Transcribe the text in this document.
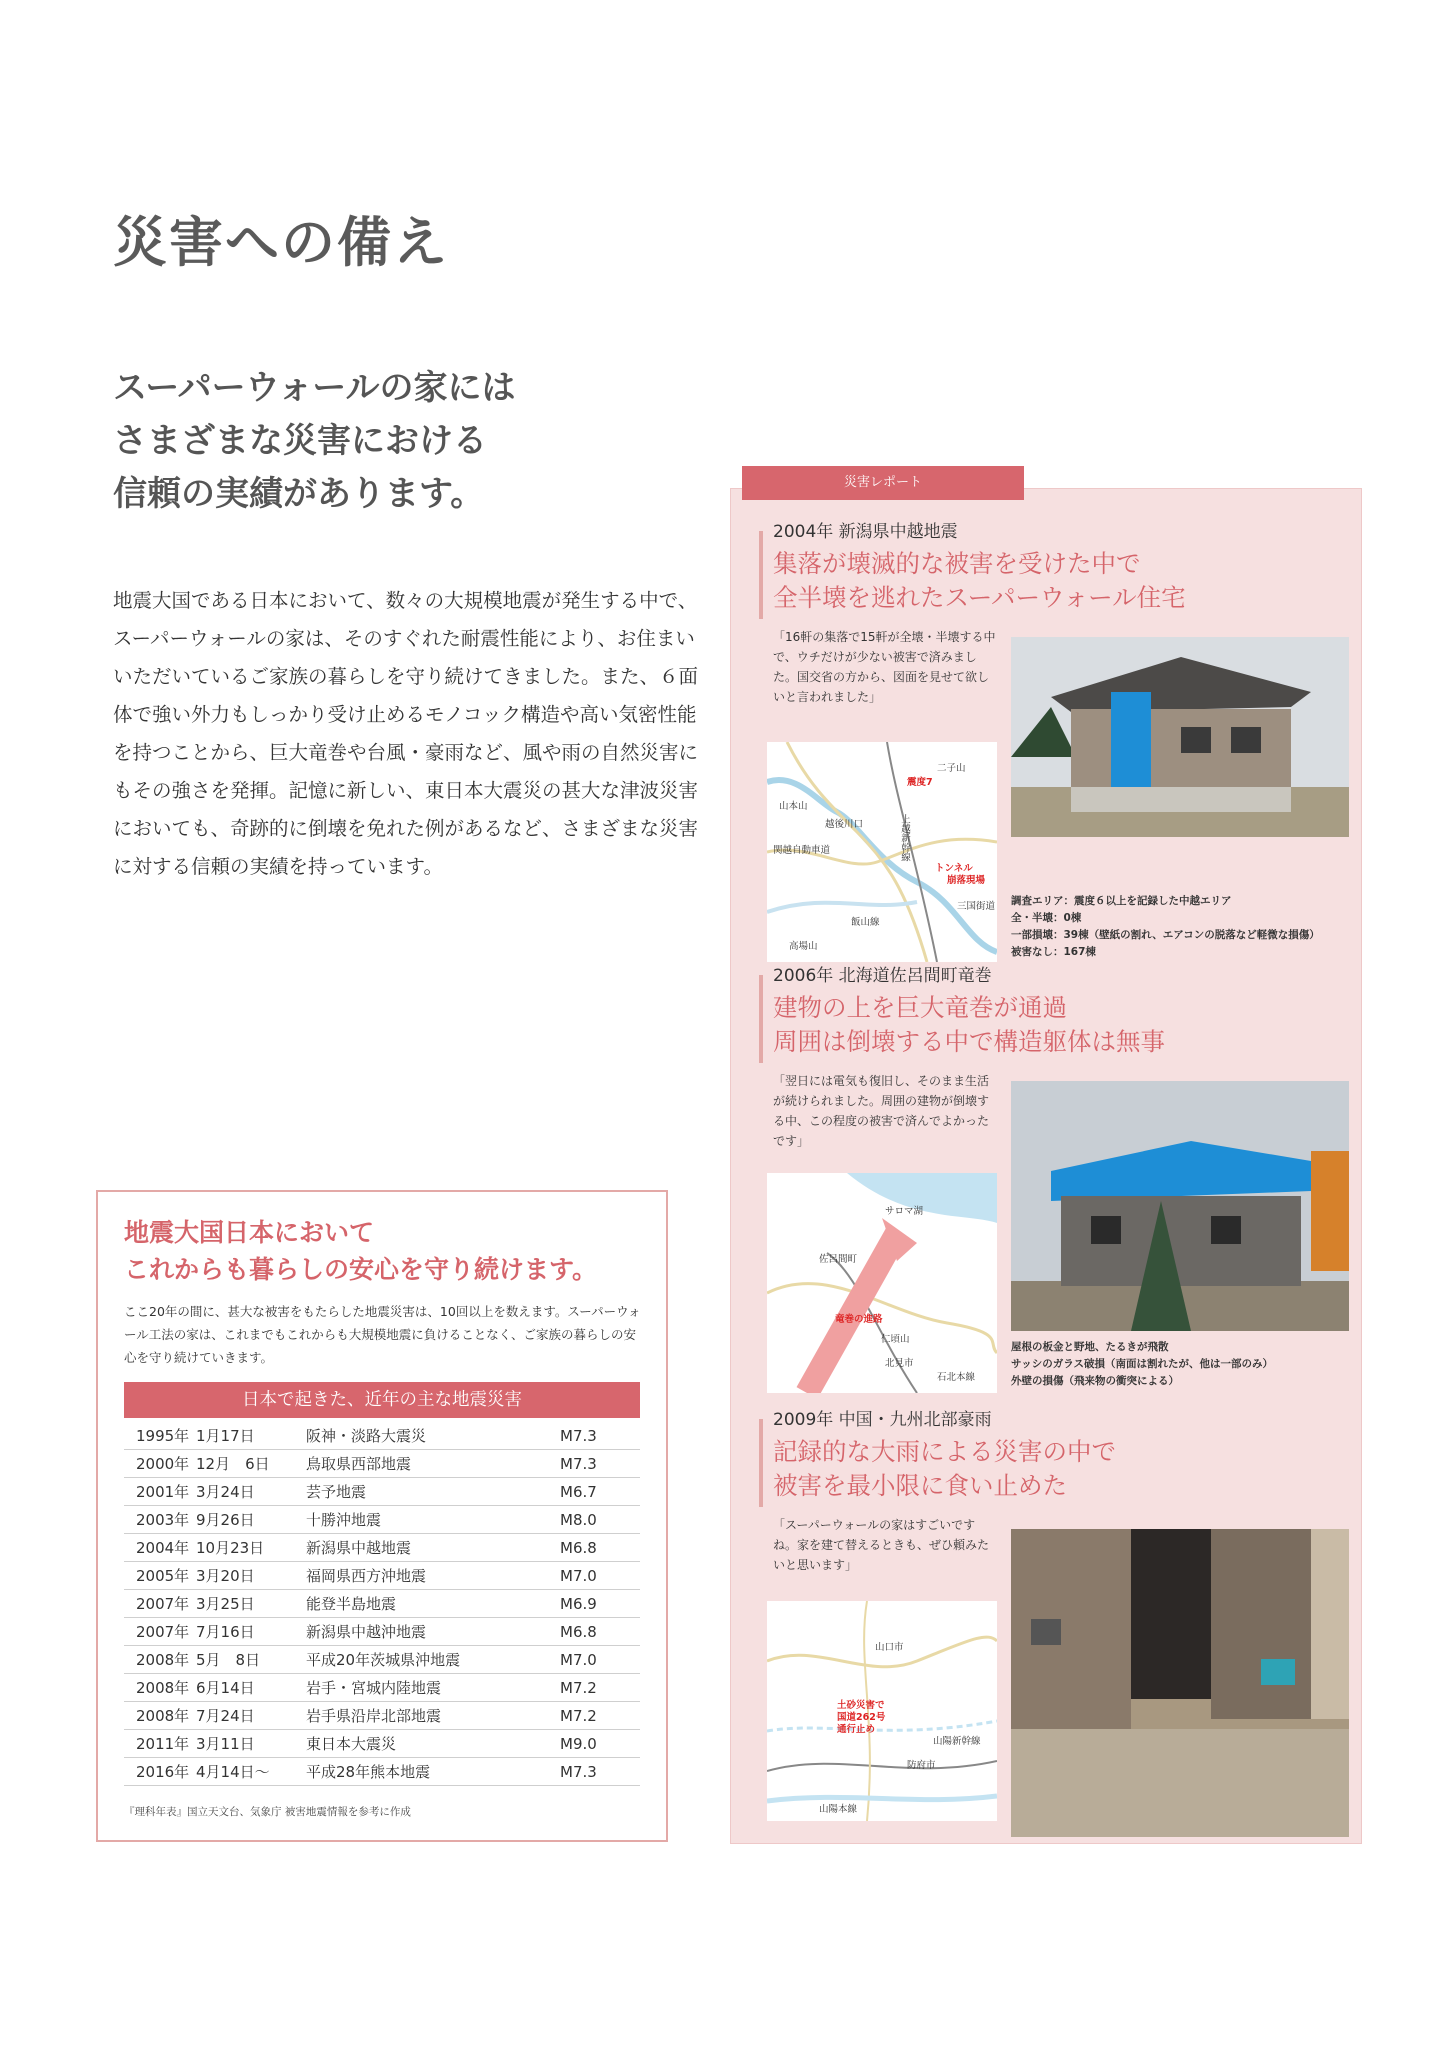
災害への備え
スーパーウォールの家には
さまざまな災害における
信頼の実績があります。
地震大国である日本において、数々の大規模地震が発生する中で、スーパーウォールの家は、そのすぐれた耐震性能により、お住まいいただいているご家族の暮らしを守り続けてきました。また、６面体で強い外力もしっかり受け止めるモノコック構造や高い気密性能を持つことから、巨大竜巻や台風・豪雨など、風や雨の自然災害にもその強さを発揮。記憶に新しい、東日本大震災の甚大な津波災害においても、奇跡的に倒壊を免れた例があるなど、さまざまな災害に対する信頼の実績を持っています。
地震大国日本において
これからも暮らしの安心を守り続けます。
ここ20年の間に、甚大な被害をもたらした地震災害は、10回以上を数えます。スーパーウォール工法の家は、これまでもこれからも大規模地震に負けることなく、ご家族の暮らしの安心を守り続けていきます。
日本で起きた、近年の主な地震災害
1995年	1月17日	阪神・淡路大震災	M7.3
2000年	12月　6日	鳥取県西部地震	M7.3
2001年	3月24日	芸予地震	M6.7
2003年	9月26日	十勝沖地震	M8.0
2004年	10月23日	新潟県中越地震	M6.8
2005年	3月20日	福岡県西方沖地震	M7.0
2007年	3月25日	能登半島地震	M6.9
2007年	7月16日	新潟県中越沖地震	M6.8
2008年	5月　8日	平成20年茨城県沖地震	M7.0
2008年	6月14日	岩手・宮城内陸地震	M7.2
2008年	7月24日	岩手県沿岸北部地震	M7.2
2011年	3月11日	東日本大震災	M9.0
2016年	4月14日～	平成28年熊本地震	M7.3
『理科年表』国立天文台、気象庁 被害地震情報を参考に作成
2004年 新潟県中越地震
集落が壊滅的な被害を受けた中で
全半壊を逃れたスーパーウォール住宅
「16軒の集落で15軒が全壊・半壊する中で、ウチだけが少ない被害で済みました。国交省の方から、図面を見せて欲しいと言われました」
二子山
震度7
山本山
越後川口
関越自動車道	上越新幹線
トンネル
崩落現場
三国街道
飯山線
高場山
調査エリア：震度６以上を記録した中越エリア
全・半壊：0棟
一部損壊：39棟（壁紙の割れ、エアコンの脱落など軽微な損傷）
被害なし：167棟
2006年 北海道佐呂間町竜巻
建物の上を巨大竜巻が通過
周囲は倒壊する中で構造躯体は無事
「翌日には電気も復旧し、そのまま生活が続けられました。周囲の建物が倒壊する中、この程度の被害で済んでよかったです」
サロマ湖
佐呂間町
竜巻の進路
仁頃山
北見市
石北本線
屋根の板金と野地、たるきが飛散
サッシのガラス破損（南面は割れたが、他は一部のみ）
外壁の損傷（飛来物の衝突による）
2009年 中国・九州北部豪雨
記録的な大雨による災害の中で
被害を最小限に食い止めた
「スーパーウォールの家はすごいですね。家を建て替えるときも、ぜひ頼みたいと思います」
山口市
土砂災害で
国道262号
通行止め
山陽新幹線
防府市
山陽本線
災害レポート
